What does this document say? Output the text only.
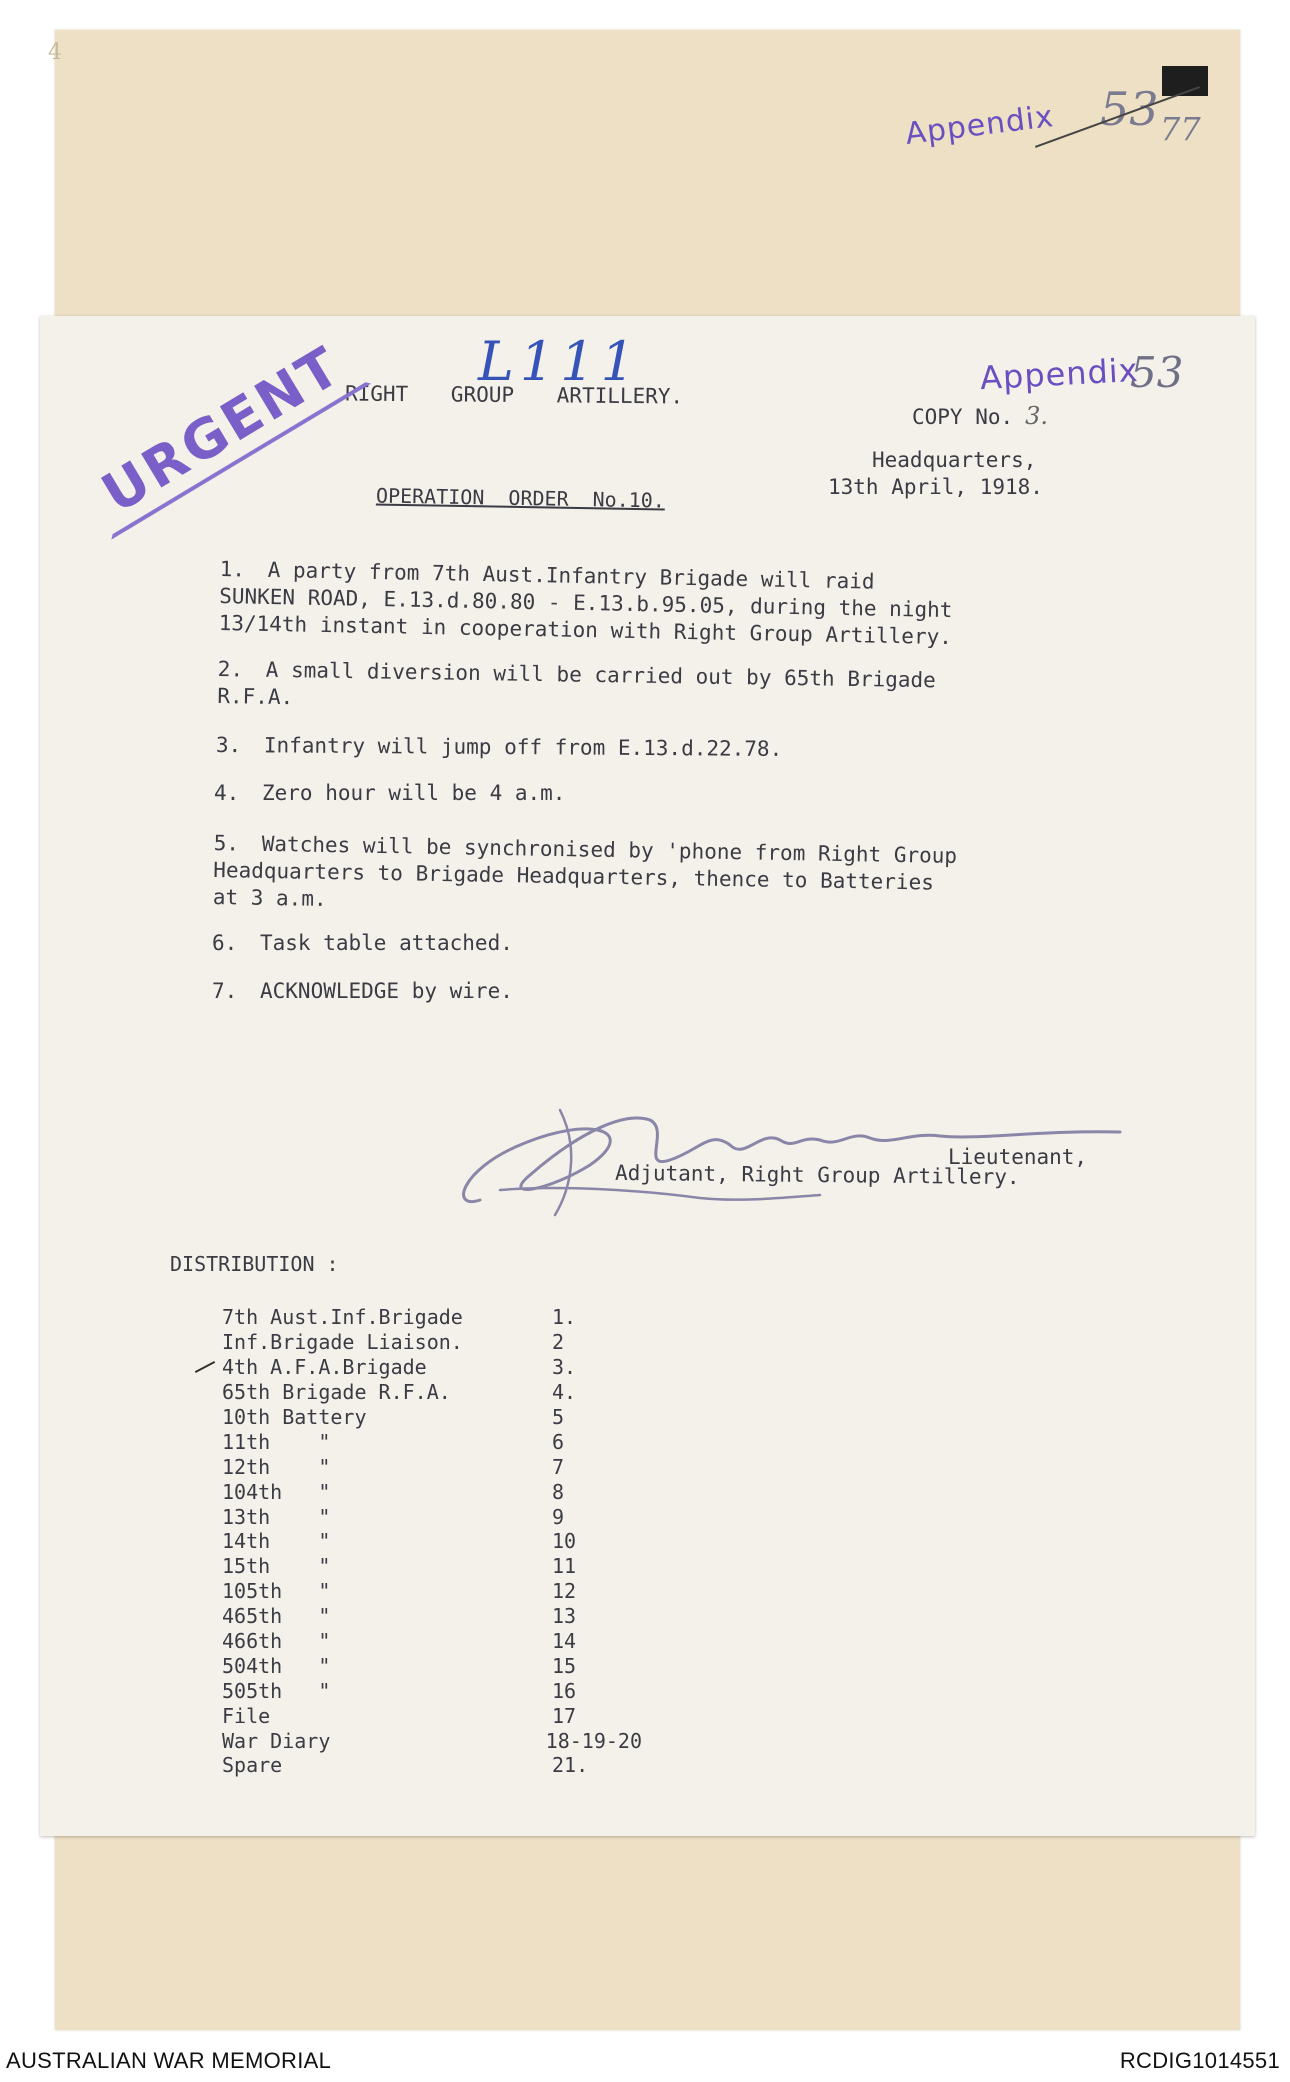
4
Appendix 53 77
L111	Appendix
53
RIGHT GROUP ARTILLERY.
COPY No. 3.
Headquarters,
13th April, 1918.
OPERATION ORDER No.10.
URGENT
1. A party from 7th Aust.Infantry Brigade will raid
SUNKEN ROAD, E.13.d.80.80 - E.13.b.95.05, during the night
13/14th instant in cooperation with Right Group Artillery.
2. A small diversion will be carried out by 65th Brigade
R.F.A.
3. Infantry will jump off from E.13.d.22.78.
4. Zero hour will be 4 a.m.
5. Watches will be synchronised by 'phone from Right Group
Headquarters to Brigade Headquarters, thence to Batteries
at 3 a.m.
6. Task table attached.
7. ACKNOWLEDGE by wire.
Lieutenant,
Adjutant, Right Group Artillery.
DISTRIBUTION :
7th Aust.Inf.Brigade	1.
Inf.Brigade Liaison.	2
4th A.F.A.Brigade	3.
65th Brigade R.F.A.	4.
10th Battery	5
11th    "	6
12th    "	7
104th   "	8
13th    "	9
14th    "	10
15th    "	11
105th   "	12
465th   "	13
466th   "	14
504th   "	15
505th   "	16
File	17
War Diary	18-19-20
Spare	21.
AUSTRALIAN WAR MEMORIAL	RCDIG1014551
